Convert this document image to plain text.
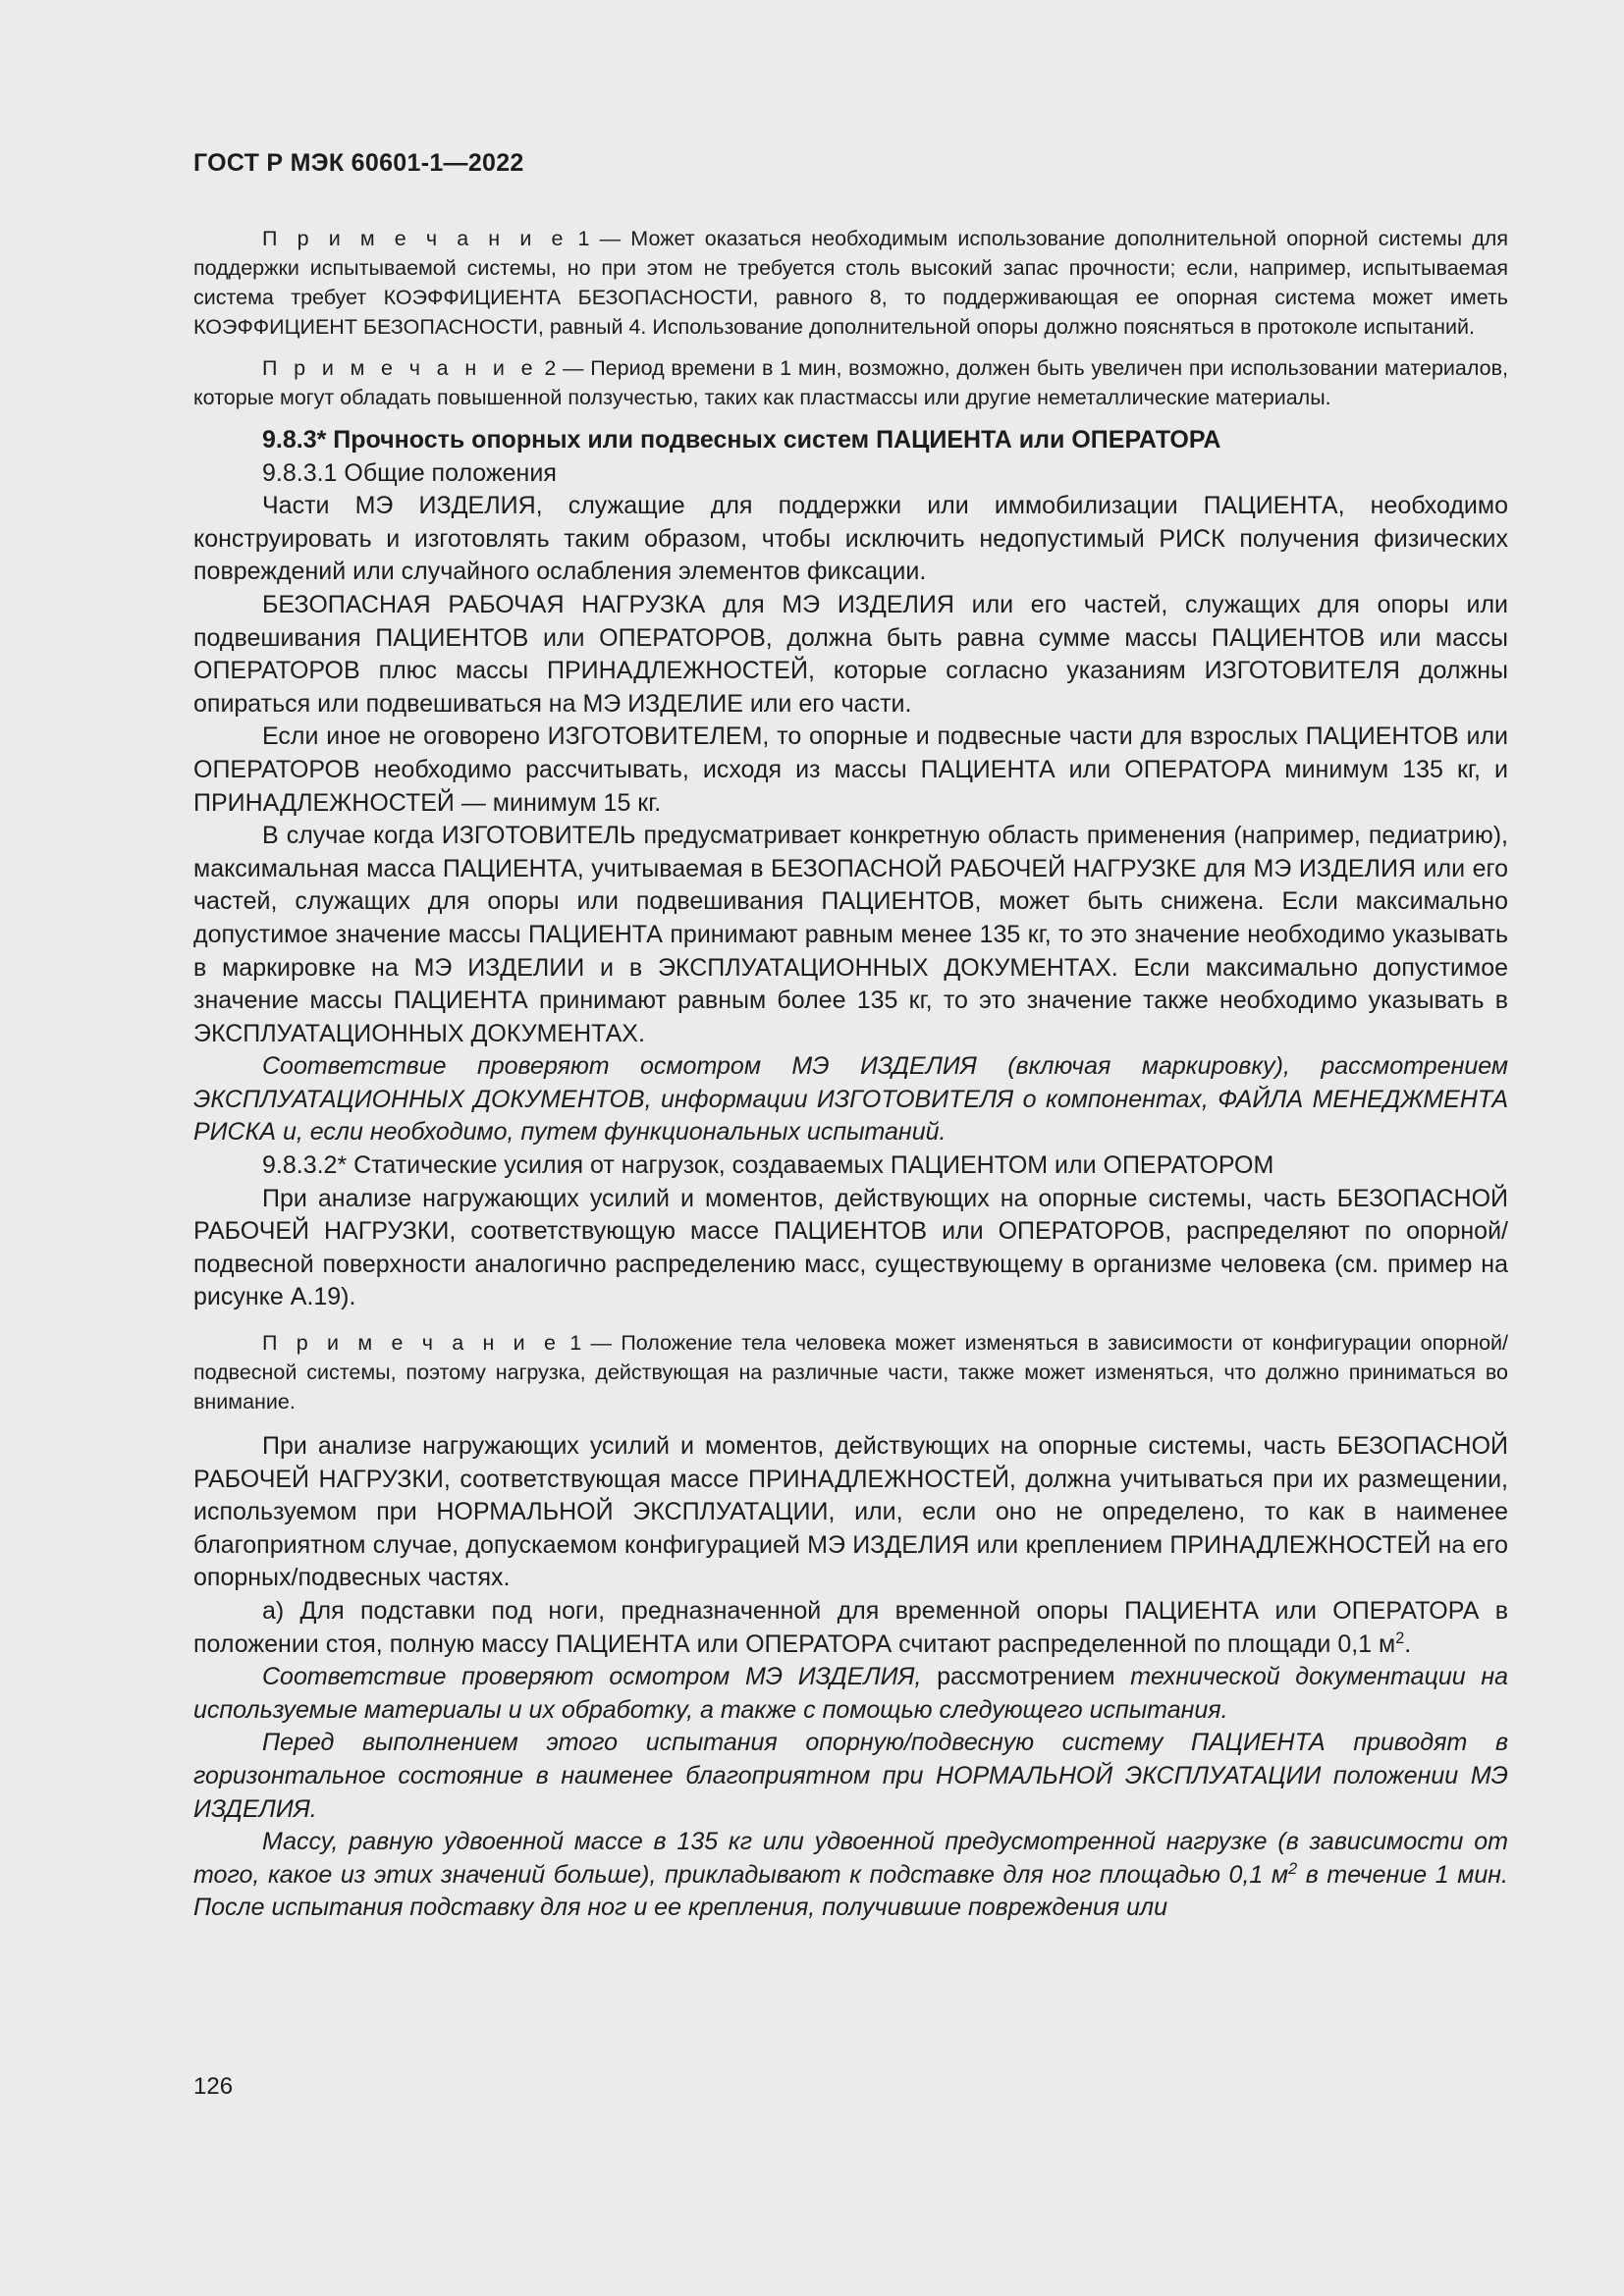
ГОСТ Р МЭК 60601-1—2022

П р и м е ч а н и е 1 — Может оказаться необходимым использование дополнительной опорной системы для поддержки испытываемой системы, но при этом не требуется столь высокий запас прочности; если, например, испытываемая система требует КОЭФФИЦИЕНТА БЕЗОПАСНОСТИ, равного 8, то поддерживающая ее опорная система может иметь КОЭФФИЦИЕНТ БЕЗОПАСНОСТИ, равный 4. Использование дополнительной опоры должно поясняться в протоколе испытаний.

П р и м е ч а н и е 2 — Период времени в 1 мин, возможно, должен быть увеличен при использовании материалов, которые могут обладать повышенной ползучестью, таких как пластмассы или другие неметаллические материалы.

9.8.3* Прочность опорных или подвесных систем ПАЦИЕНТА или ОПЕРАТОРА

9.8.3.1 Общие положения

Части МЭ ИЗДЕЛИЯ, служащие для поддержки или иммобилизации ПАЦИЕНТА, необходимо конструировать и изготовлять таким образом, чтобы исключить недопустимый РИСК получения физических повреждений или случайного ослабления элементов фиксации.

БЕЗОПАСНАЯ РАБОЧАЯ НАГРУЗКА для МЭ ИЗДЕЛИЯ или его частей, служащих для опоры или подвешивания ПАЦИЕНТОВ или ОПЕРАТОРОВ, должна быть равна сумме массы ПАЦИЕНТОВ или массы ОПЕРАТОРОВ плюс массы ПРИНАДЛЕЖНОСТЕЙ, которые согласно указаниям ИЗГОТОВИТЕЛЯ должны опираться или подвешиваться на МЭ ИЗДЕЛИЕ или его части.

Если иное не оговорено ИЗГОТОВИТЕЛЕМ, то опорные и подвесные части для взрослых ПАЦИЕНТОВ или ОПЕРАТОРОВ необходимо рассчитывать, исходя из массы ПАЦИЕНТА или ОПЕРАТОРА минимум 135 кг, и ПРИНАДЛЕЖНОСТЕЙ — минимум 15 кг.

В случае когда ИЗГОТОВИТЕЛЬ предусматривает конкретную область применения (например, педиатрию), максимальная масса ПАЦИЕНТА, учитываемая в БЕЗОПАСНОЙ РАБОЧЕЙ НАГРУЗКЕ для МЭ ИЗДЕЛИЯ или его частей, служащих для опоры или подвешивания ПАЦИЕНТОВ, может быть снижена. Если максимально допустимое значение массы ПАЦИЕНТА принимают равным менее 135 кг, то это значение необходимо указывать в маркировке на МЭ ИЗДЕЛИИ и в ЭКСПЛУАТАЦИОННЫХ ДОКУМЕНТАХ. Если максимально допустимое значение массы ПАЦИЕНТА принимают равным более 135 кг, то это значение также необходимо указывать в ЭКСПЛУАТАЦИОННЫХ ДОКУМЕНТАХ.

Соответствие проверяют осмотром МЭ ИЗДЕЛИЯ (включая маркировку), рассмотрением ЭКСПЛУАТАЦИОННЫХ ДОКУМЕНТОВ, информации ИЗГОТОВИТЕЛЯ о компонентах, ФАЙЛА МЕНЕДЖМЕНТА РИСКА и, если необходимо, путем функциональных испытаний.

9.8.3.2* Статические усилия от нагрузок, создаваемых ПАЦИЕНТОМ или ОПЕРАТОРОМ

При анализе нагружающих усилий и моментов, действующих на опорные системы, часть БЕЗОПАСНОЙ РАБОЧЕЙ НАГРУЗКИ, соответствующую массе ПАЦИЕНТОВ или ОПЕРАТОРОВ, распределяют по опорной/подвесной поверхности аналогично распределению масс, существующему в организме человека (см. пример на рисунке А.19).

П р и м е ч а н и е 1 — Положение тела человека может изменяться в зависимости от конфигурации опорной/подвесной системы, поэтому нагрузка, действующая на различные части, также может изменяться, что должно приниматься во внимание.

При анализе нагружающих усилий и моментов, действующих на опорные системы, часть БЕЗОПАСНОЙ РАБОЧЕЙ НАГРУЗКИ, соответствующая массе ПРИНАДЛЕЖНОСТЕЙ, должна учитываться при их размещении, используемом при НОРМАЛЬНОЙ ЭКСПЛУАТАЦИИ, или, если оно не определено, то как в наименее благоприятном случае, допускаемом конфигурацией МЭ ИЗДЕЛИЯ или креплением ПРИНАДЛЕЖНОСТЕЙ на его опорных/подвесных частях.

а) Для подставки под ноги, предназначенной для временной опоры ПАЦИЕНТА или ОПЕРАТОРА в положении стоя, полную массу ПАЦИЕНТА или ОПЕРАТОРА считают распределенной по площади 0,1 $м^2$.

Соответствие проверяют осмотром МЭ ИЗДЕЛИЯ, рассмотрением технической документации на используемые материалы и их обработку, а также с помощью следующего испытания.

Перед выполнением этого испытания опорную/подвесную систему ПАЦИЕНТА приводят в горизонтальное состояние в наименее благоприятном при НОРМАЛЬНОЙ ЭКСПЛУАТАЦИИ положении МЭ ИЗДЕЛИЯ.

Массу, равную удвоенной массе в 135 кг или удвоенной предусмотренной нагрузке (в зависимости от того, какое из этих значений больше), прикладывают к подставке для ног площадью 0,1 $м^2$ в течение 1 мин. После испытания подставку для ног и ее крепления, получившие повреждения или

126
